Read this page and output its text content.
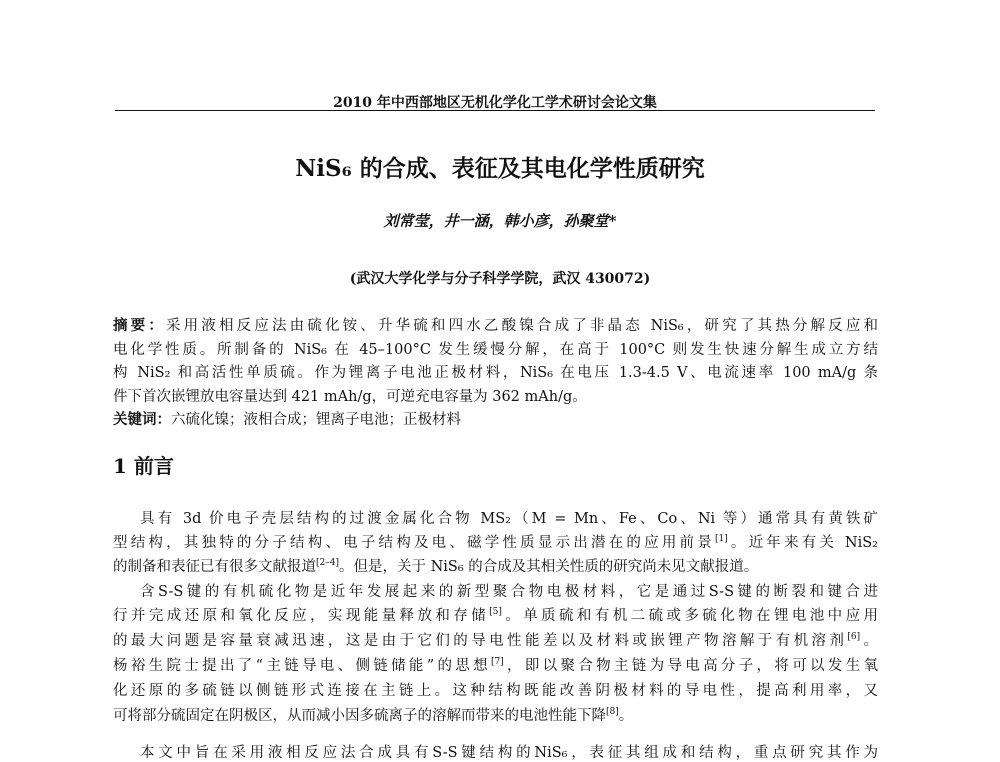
2010 年中西部地区无机化学化工学术研讨会论文集
NiS₆ 的合成、表征及其电化学性质研究
刘常莹，井一涵，韩小彦，孙聚堂*
(武汉大学化学与分子科学学院，武汉 430072)
摘要：采用液相反应法由硫化铵、升华硫和四水乙酸镍合成了非晶态 NiS₆，研究了其热分解反应和
电化学性质。所制备的 NiS₆ 在 45–100°C 发生缓慢分解，在高于 100°C 则发生快速分解生成立方结
构 NiS₂ 和高活性单质硫。作为锂离子电池正极材料，NiS₆ 在电压 1.3-4.5 V、电流速率 100 mA/g 条
件下首次嵌锂放电容量达到 421 mAh/g，可逆充电容量为 362 mAh/g。
关键词：六硫化镍；液相合成；锂离子电池；正极材料
1 前言
具有 3d 价电子壳层结构的过渡金属化合物 MS₂（M = Mn、Fe、Co、Ni 等）通常具有黄铁矿
型结构，其独特的分子结构、电子结构及电、磁学性质显示出潜在的应用前景[1]。近年来有关 NiS₂
的制备和表征已有很多文献报道[2–4]。但是，关于 NiS₆ 的合成及其相关性质的研究尚未见文献报道。
含S-S键的有机硫化物是近年发展起来的新型聚合物电极材料，它是通过S-S键的断裂和键合进
行并完成还原和氧化反应，实现能量释放和存储[5]。单质硫和有机二硫或多硫化物在锂电池中应用
的最大问题是容量衰减迅速，这是由于它们的导电性能差以及材料或嵌锂产物溶解于有机溶剂[6]。
杨裕生院士提出了“主链导电、侧链储能”的思想[7]，即以聚合物主链为导电高分子，将可以发生氧
化还原的多硫链以侧链形式连接在主链上。这种结构既能改善阴极材料的导电性，提高利用率，又
可将部分硫固定在阴极区，从而减小因多硫离子的溶解而带来的电池性能下降[8]。
本文中旨在采用液相反应法合成具有S-S键结构的NiS₆，表征其组成和结构，重点研究其作为
